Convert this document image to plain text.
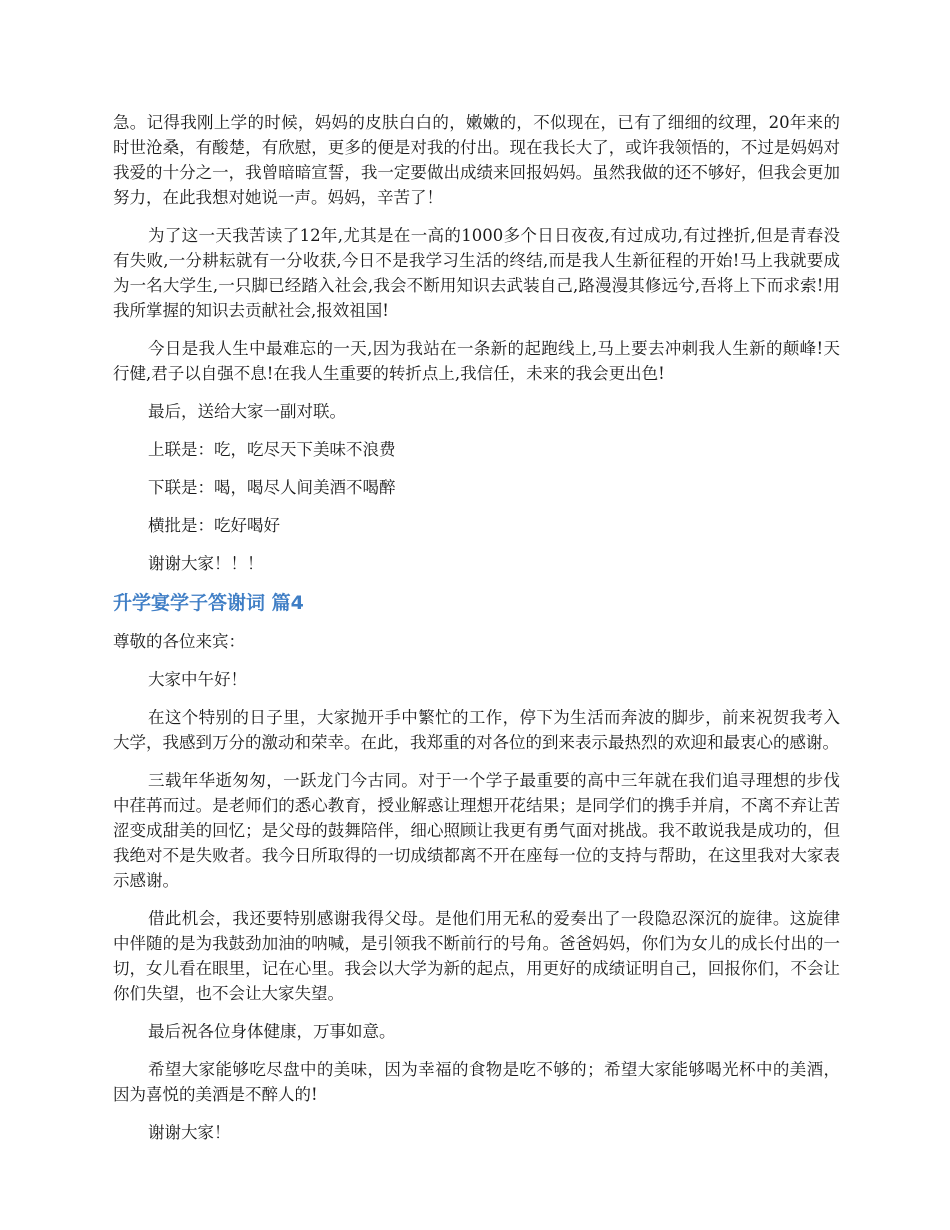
急。记得我刚上学的时候，妈妈的皮肤白白的，嫩嫩的，不似现在，已有了细细的纹理，20年来的时世沧桑，有酸楚，有欣慰，更多的便是对我的付出。现在我长大了，或许我领悟的，不过是妈妈对我爱的十分之一，我曾暗暗宣誓，我一定要做出成绩来回报妈妈。虽然我做的还不够好，但我会更加努力，在此我想对她说一声。妈妈，辛苦了！

为了这一天我苦读了12年,尤其是在一高的1000多个日日夜夜,有过成功,有过挫折,但是青春没有失败,一分耕耘就有一分收获,今日不是我学习生活的终结,而是我人生新征程的开始!马上我就要成为一名大学生,一只脚已经踏入社会,我会不断用知识去武装自己,路漫漫其修远兮,吾将上下而求索!用我所掌握的知识去贡献社会,报效祖国!

今日是我人生中最难忘的一天,因为我站在一条新的起跑线上,马上要去冲刺我人生新的颠峰!天行健,君子以自强不息!在我人生重要的转折点上,我信任，未来的我会更出色!

最后，送给大家一副对联。

上联是：吃，吃尽天下美味不浪费

下联是：喝，喝尽人间美酒不喝醉

横批是：吃好喝好

谢谢大家！！！

升学宴学子答谢词 篇4

尊敬的各位来宾：

大家中午好！

在这个特别的日子里，大家抛开手中繁忙的工作，停下为生活而奔波的脚步，前来祝贺我考入大学，我感到万分的激动和荣幸。在此，我郑重的对各位的到来表示最热烈的欢迎和最衷心的感谢。

三载年华逝匆匆，一跃龙门今古同。对于一个学子最重要的高中三年就在我们追寻理想的步伐中荏苒而过。是老师们的悉心教育，授业解惑让理想开花结果；是同学们的携手并肩，不离不弃让苦涩变成甜美的回忆；是父母的鼓舞陪伴，细心照顾让我更有勇气面对挑战。我不敢说我是成功的，但我绝对不是失败者。我今日所取得的一切成绩都离不开在座每一位的支持与帮助，在这里我对大家表示感谢。

借此机会，我还要特别感谢我得父母。是他们用无私的爱奏出了一段隐忍深沉的旋律。这旋律中伴随的是为我鼓劲加油的呐喊，是引领我不断前行的号角。爸爸妈妈，你们为女儿的成长付出的一切，女儿看在眼里，记在心里。我会以大学为新的起点，用更好的成绩证明自己，回报你们，不会让你们失望，也不会让大家失望。

最后祝各位身体健康，万事如意。

希望大家能够吃尽盘中的美味，因为幸福的食物是吃不够的；希望大家能够喝光杯中的美酒，因为喜悦的美酒是不醉人的!

谢谢大家！
